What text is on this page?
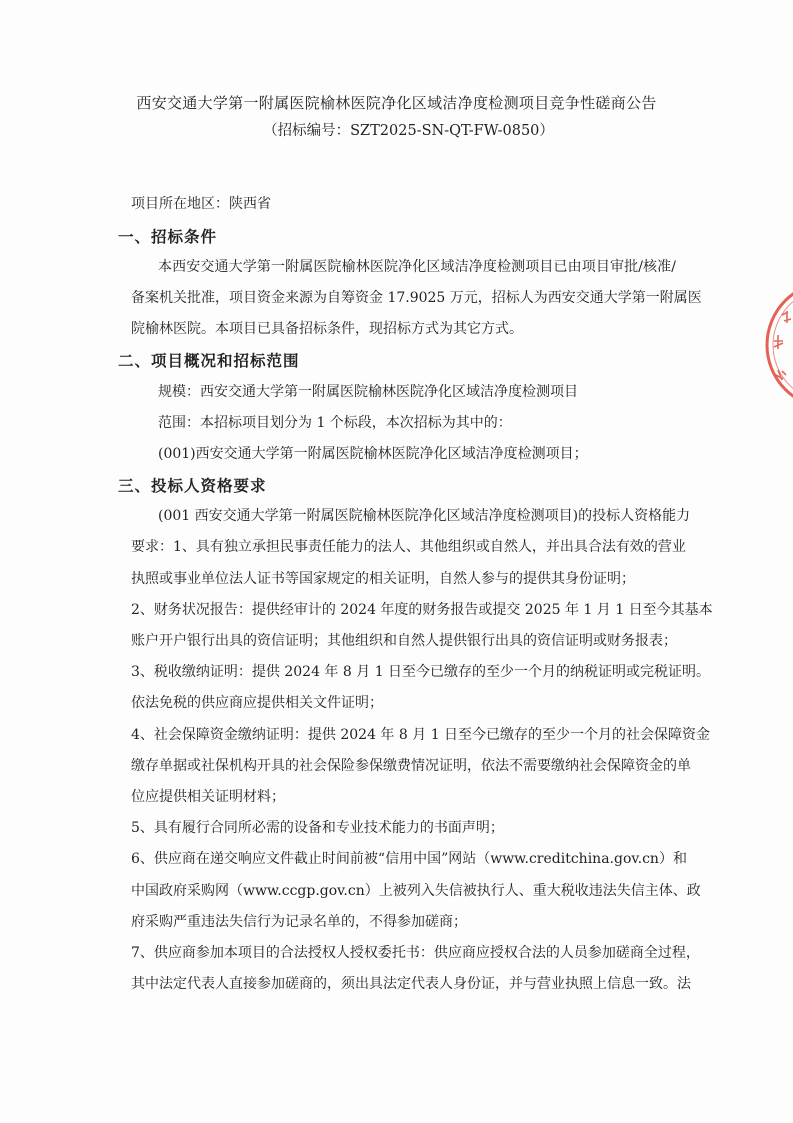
西安交通大学第一附属医院榆林医院净化区域洁净度检测项目竞争性磋商公告
（招标编号：SZT2025-SN-QT-FW-0850）

项目所在地区：陕西省

一、招标条件

本西安交通大学第一附属医院榆林医院净化区域洁净度检测项目已由项目审批/核准/

备案机关批准，项目资金来源为自筹资金 17.9025 万元，招标人为西安交通大学第一附属医

院榆林医院。本项目已具备招标条件，现招标方式为其它方式。

二、项目概况和招标范围

规模：西安交通大学第一附属医院榆林医院净化区域洁净度检测项目

范围：本招标项目划分为 1 个标段，本次招标为其中的：

(001)西安交通大学第一附属医院榆林医院净化区域洁净度检测项目；

三、投标人资格要求

(001 西安交通大学第一附属医院榆林医院净化区域洁净度检测项目)的投标人资格能力

要求：1、具有独立承担民事责任能力的法人、其他组织或自然人，并出具合法有效的营业

执照或事业单位法人证书等国家规定的相关证明，自然人参与的提供其身份证明；

2、财务状况报告：提供经审计的 2024 年度的财务报告或提交 2025 年 1 月 1 日至今其基本

账户开户银行出具的资信证明；其他组织和自然人提供银行出具的资信证明或财务报表；

3、税收缴纳证明：提供 2024 年 8 月 1 日至今已缴存的至少一个月的纳税证明或完税证明。

依法免税的供应商应提供相关文件证明；

4、社会保障资金缴纳证明：提供 2024 年 8 月 1 日至今已缴存的至少一个月的社会保障资金

缴存单据或社保机构开具的社会保险参保缴费情况证明，依法不需要缴纳社会保障资金的单

位应提供相关证明材料；

5、具有履行合同所必需的设备和专业技术能力的书面声明；

6、供应商在递交响应文件截止时间前被“信用中国”网站（www.creditchina.gov.cn）和

中国政府采购网（www.ccgp.gov.cn）上被列入失信被执行人、重大税收违法失信主体、政

府采购严重违法失信行为记录名单的，不得参加磋商；

7、供应商参加本项目的合法授权人授权委托书：供应商应授权合法的人员参加磋商全过程，

其中法定代表人直接参加磋商的，须出具法定代表人身份证，并与营业执照上信息一致。法
